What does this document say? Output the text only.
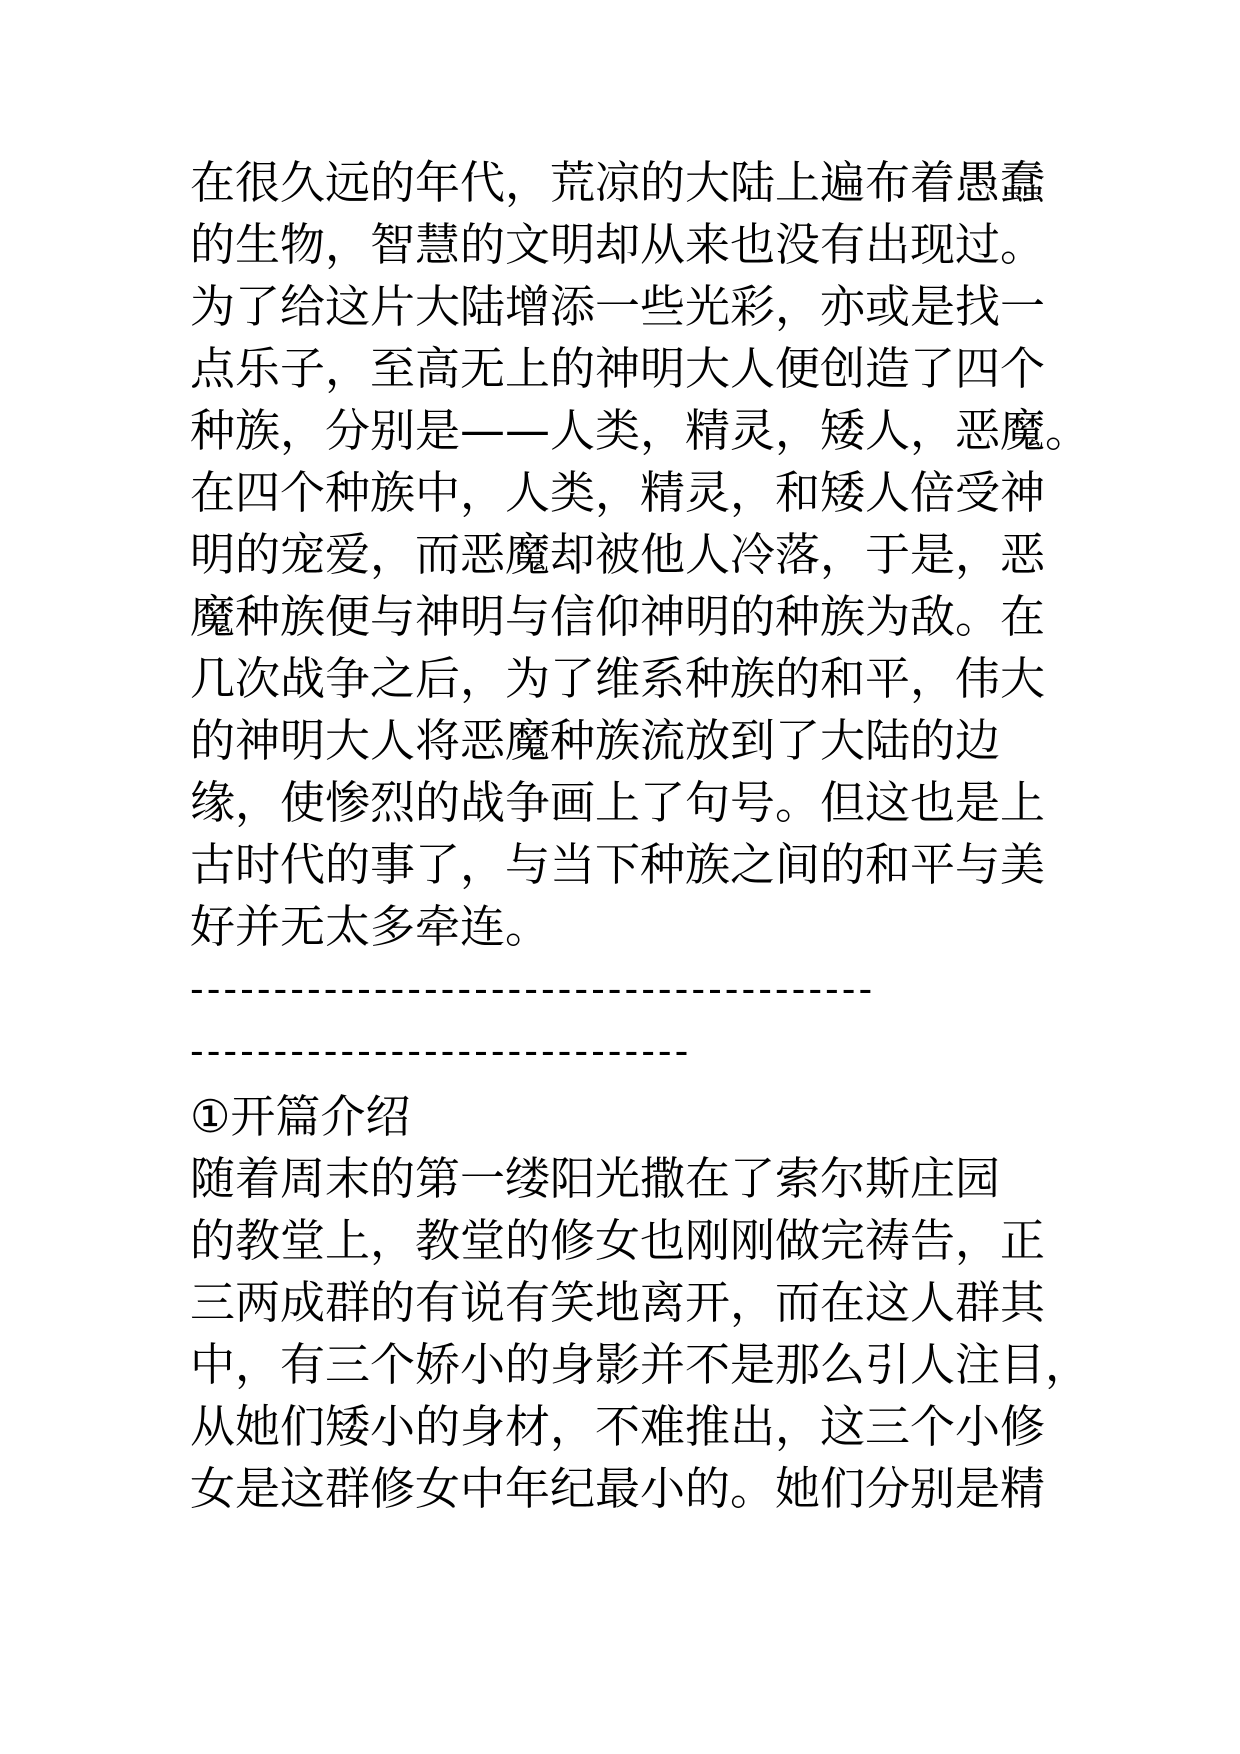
在很久远的年代，荒凉的大陆上遍布着愚蠢
的生物，智慧的文明却从来也没有出现过。
为了给这片大陆增添一些光彩，亦或是找一
点乐子，至高无上的神明大人便创造了四个
种族，分别是——人类，精灵，矮人，恶魔。
在四个种族中，人类，精灵，和矮人倍受神
明的宠爱，而恶魔却被他人冷落，于是，恶
魔种族便与神明与信仰神明的种族为敌。在
几次战争之后，为了维系种族的和平，伟大
的神明大人将恶魔种族流放到了大陆的边
缘，使惨烈的战争画上了句号。但这也是上
古时代的事了，与当下种族之间的和平与美
好并无太多牵连。
-----------------------------------------
------------------------------
①开篇介绍
随着周末的第一缕阳光撒在了索尔斯庄园
的教堂上，教堂的修女也刚刚做完祷告，正
三两成群的有说有笑地离开，而在这人群其
中，有三个娇小的身影并不是那么引人注目，
从她们矮小的身材，不难推出，这三个小修
女是这群修女中年纪最小的。她们分别是精
